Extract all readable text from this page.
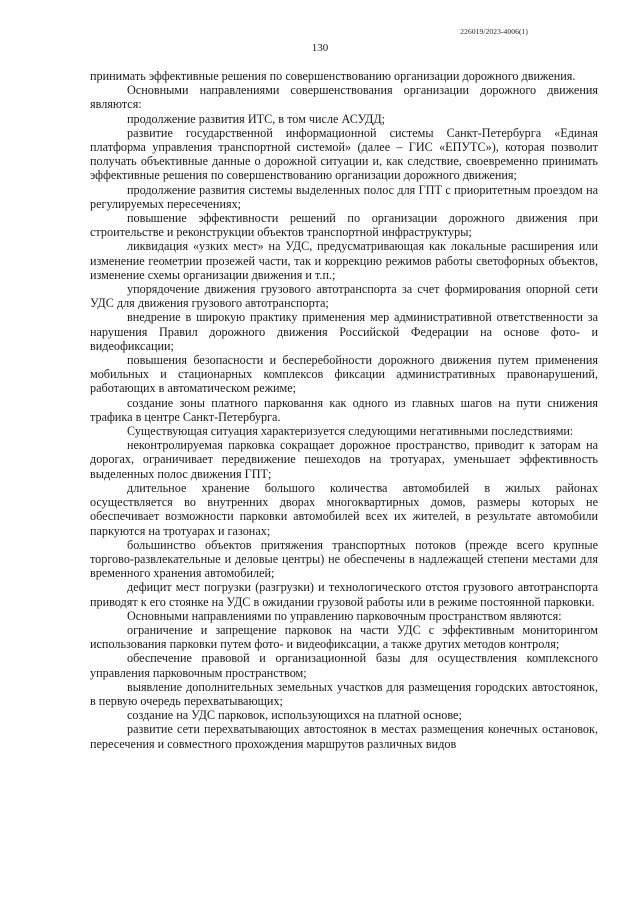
226019/2023-4006(1)
130

принимать эффективные решения по совершенствованию организации дорожного движения.

Основными направлениями совершенствования организации дорожного движения являются:

продолжение развития ИТС, в том числе АСУДД;

развитие государственной информационной системы Санкт-Петербурга «Единая платформа управления транспортной системой» (далее – ГИС «ЕПУТС»), которая позволит получать объективные данные о дорожной ситуации и, как следствие, своевременно принимать эффективные решения по совершенствованию организации дорожного движения;

продолжение развития системы выделенных полос для ГПТ с приоритетным проездом на регулируемых пересечениях;

повышение эффективности решений по организации дорожного движения при строительстве и реконструкции объектов транспортной инфраструктуры;

ликвидация «узких мест» на УДС, предусматривающая как локальные расширения или изменение геометрии прозежей части, так и коррекцию режимов работы светофорных объектов, изменение схемы организации движения и т.п.;

упорядочение движения грузового автотранспорта за счет формирования опорной сети УДС для движения грузового автотранспорта;

внедрение в широкую практику применения мер административной ответственности за нарушения Правил дорожного движения Российской Федерации на основе фото- и видеофиксации;

повышения безопасности и бесперебойности дорожного движения путем применения мобильных и стационарных комплексов фиксации административных правонарушений, работающих в автоматическом режиме;

создание зоны платного парковання как одного из главных шагов на пути снижения трафика в центре Санкт-Петербурга.

Существующая ситуация характеризуется следующими негативными последствиями:

неконтролируемая парковка сокращает дорожное пространство, приводит к заторам на дорогах, ограничивает передвижение пешеходов на тротуарах, уменьшает эффективность выделенных полос движения ГПТ;

длительное хранение большого количества автомобилей в жилых районах осуществляется во внутренних дворах многоквартирных домов, размеры которых не обеспечивает возможности парковки автомобилей всех их жителей, в результате автомобили паркуются на тротуарах и газонах;

большинство объектов притяжения транспортных потоков (прежде всего крупные торгово-развлекательные и деловые центры) не обеспечены в надлежащей степени местами для временного хранения автомобилей;

дефицит мест погрузки (разгрузки) и технологического отстоя грузового автотранспорта приводят к его стоянке на УДС в ожидании грузовой работы или в режиме постоянной парковки.

Основными направлениями по управлению парковочным пространством являются:

ограничение и запрещение парковок на части УДС с эффективным мониторингом использования парковки путем фото- и видеофиксации, а также других методов контроля;

обеспечение правовой и организационной базы для осуществления комплексного управления парковочным пространством;

выявление дополнительных земельных участков для размещения городских автостоянок, в первую очередь перехватывающих;

создание на УДС парковок, использующихся на платной основе;

развитие сети перехватывающих автостоянок в местах размещения конечных остановок, пересечения и совместного прохождения маршрутов различных видов
